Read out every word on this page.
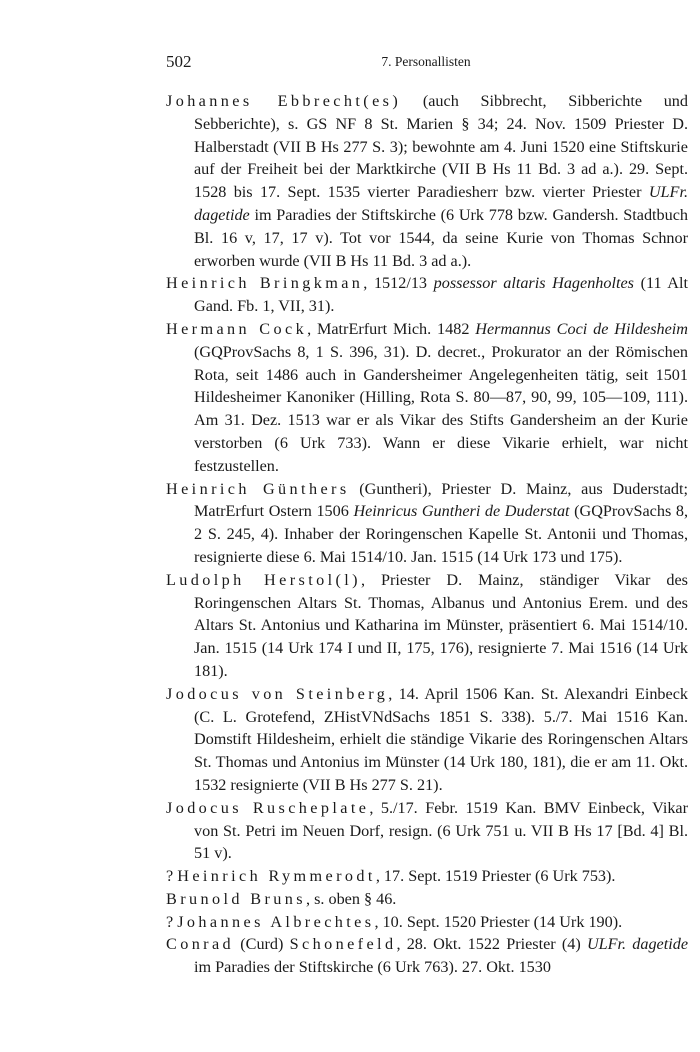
502	7. Personallisten

Johannes Ebbrecht(es) (auch Sibbrecht, Sibberichte und Sebberichte), s. GS NF 8 St. Marien § 34; 24. Nov. 1509 Priester D. Halberstadt (VII B Hs 277 S. 3); bewohnte am 4. Juni 1520 eine Stiftskurie auf der Freiheit bei der Marktkirche (VII B Hs 11 Bd. 3 ad a.). 29. Sept. 1528 bis 17. Sept. 1535 vierter Paradiesherr bzw. vierter Priester ULFr. dagetide im Paradies der Stiftskirche (6 Urk 778 bzw. Gandersh. Stadtbuch Bl. 16 v, 17, 17 v). Tot vor 1544, da seine Kurie von Thomas Schnor erworben wurde (VII B Hs 11 Bd. 3 ad a.).

Heinrich Bringkman, 1512/13 possessor altaris Hagenholtes (11 Alt Gand. Fb. 1, VII, 31).

Hermann Cock, MatrErfurt Mich. 1482 Hermannus Coci de Hildesheim (GQProvSachs 8, 1 S. 396, 31). D. decret., Prokurator an der Römischen Rota, seit 1486 auch in Gandersheimer Angelegenheiten tätig, seit 1501 Hildesheimer Kanoniker (Hilling, Rota S. 80—87, 90, 99, 105—109, 111). Am 31. Dez. 1513 war er als Vikar des Stifts Gandersheim an der Kurie verstorben (6 Urk 733). Wann er diese Vikarie erhielt, war nicht festzustellen.

Heinrich Günthers (Guntheri), Priester D. Mainz, aus Duderstadt; MatrErfurt Ostern 1506 Heinricus Guntheri de Duderstat (GQProvSachs 8, 2 S. 245, 4). Inhaber der Roringenschen Kapelle St. Antonii und Thomas, resignierte diese 6. Mai 1514/10. Jan. 1515 (14 Urk 173 und 175).

Ludolph Herstol(l), Priester D. Mainz, ständiger Vikar des Roringenschen Altars St. Thomas, Albanus und Antonius Erem. und des Altars St. Antonius und Katharina im Münster, präsentiert 6. Mai 1514/10. Jan. 1515 (14 Urk 174 I und II, 175, 176), resignierte 7. Mai 1516 (14 Urk 181).

Jodocus von Steinberg, 14. April 1506 Kan. St. Alexandri Einbeck (C. L. Grotefend, ZHistVNdSachs 1851 S. 338). 5./7. Mai 1516 Kan. Domstift Hildesheim, erhielt die ständige Vikarie des Roringenschen Altars St. Thomas und Antonius im Münster (14 Urk 180, 181), die er am 11. Okt. 1532 resignierte (VII B Hs 277 S. 21).

Jodocus Ruscheplate, 5./17. Febr. 1519 Kan. BMV Einbeck, Vikar von St. Petri im Neuen Dorf, resign. (6 Urk 751 u. VII B Hs 17 [Bd. 4] Bl. 51 v).

? Heinrich Rymmerodt, 17. Sept. 1519 Priester (6 Urk 753).

Brunold Bruns, s. oben § 46.

? Johannes Albrechtes, 10. Sept. 1520 Priester (14 Urk 190).

Conrad (Curd) Schonefeld, 28. Okt. 1522 Priester (4) ULFr. dagetide im Paradies der Stiftskirche (6 Urk 763). 27. Okt. 1530
